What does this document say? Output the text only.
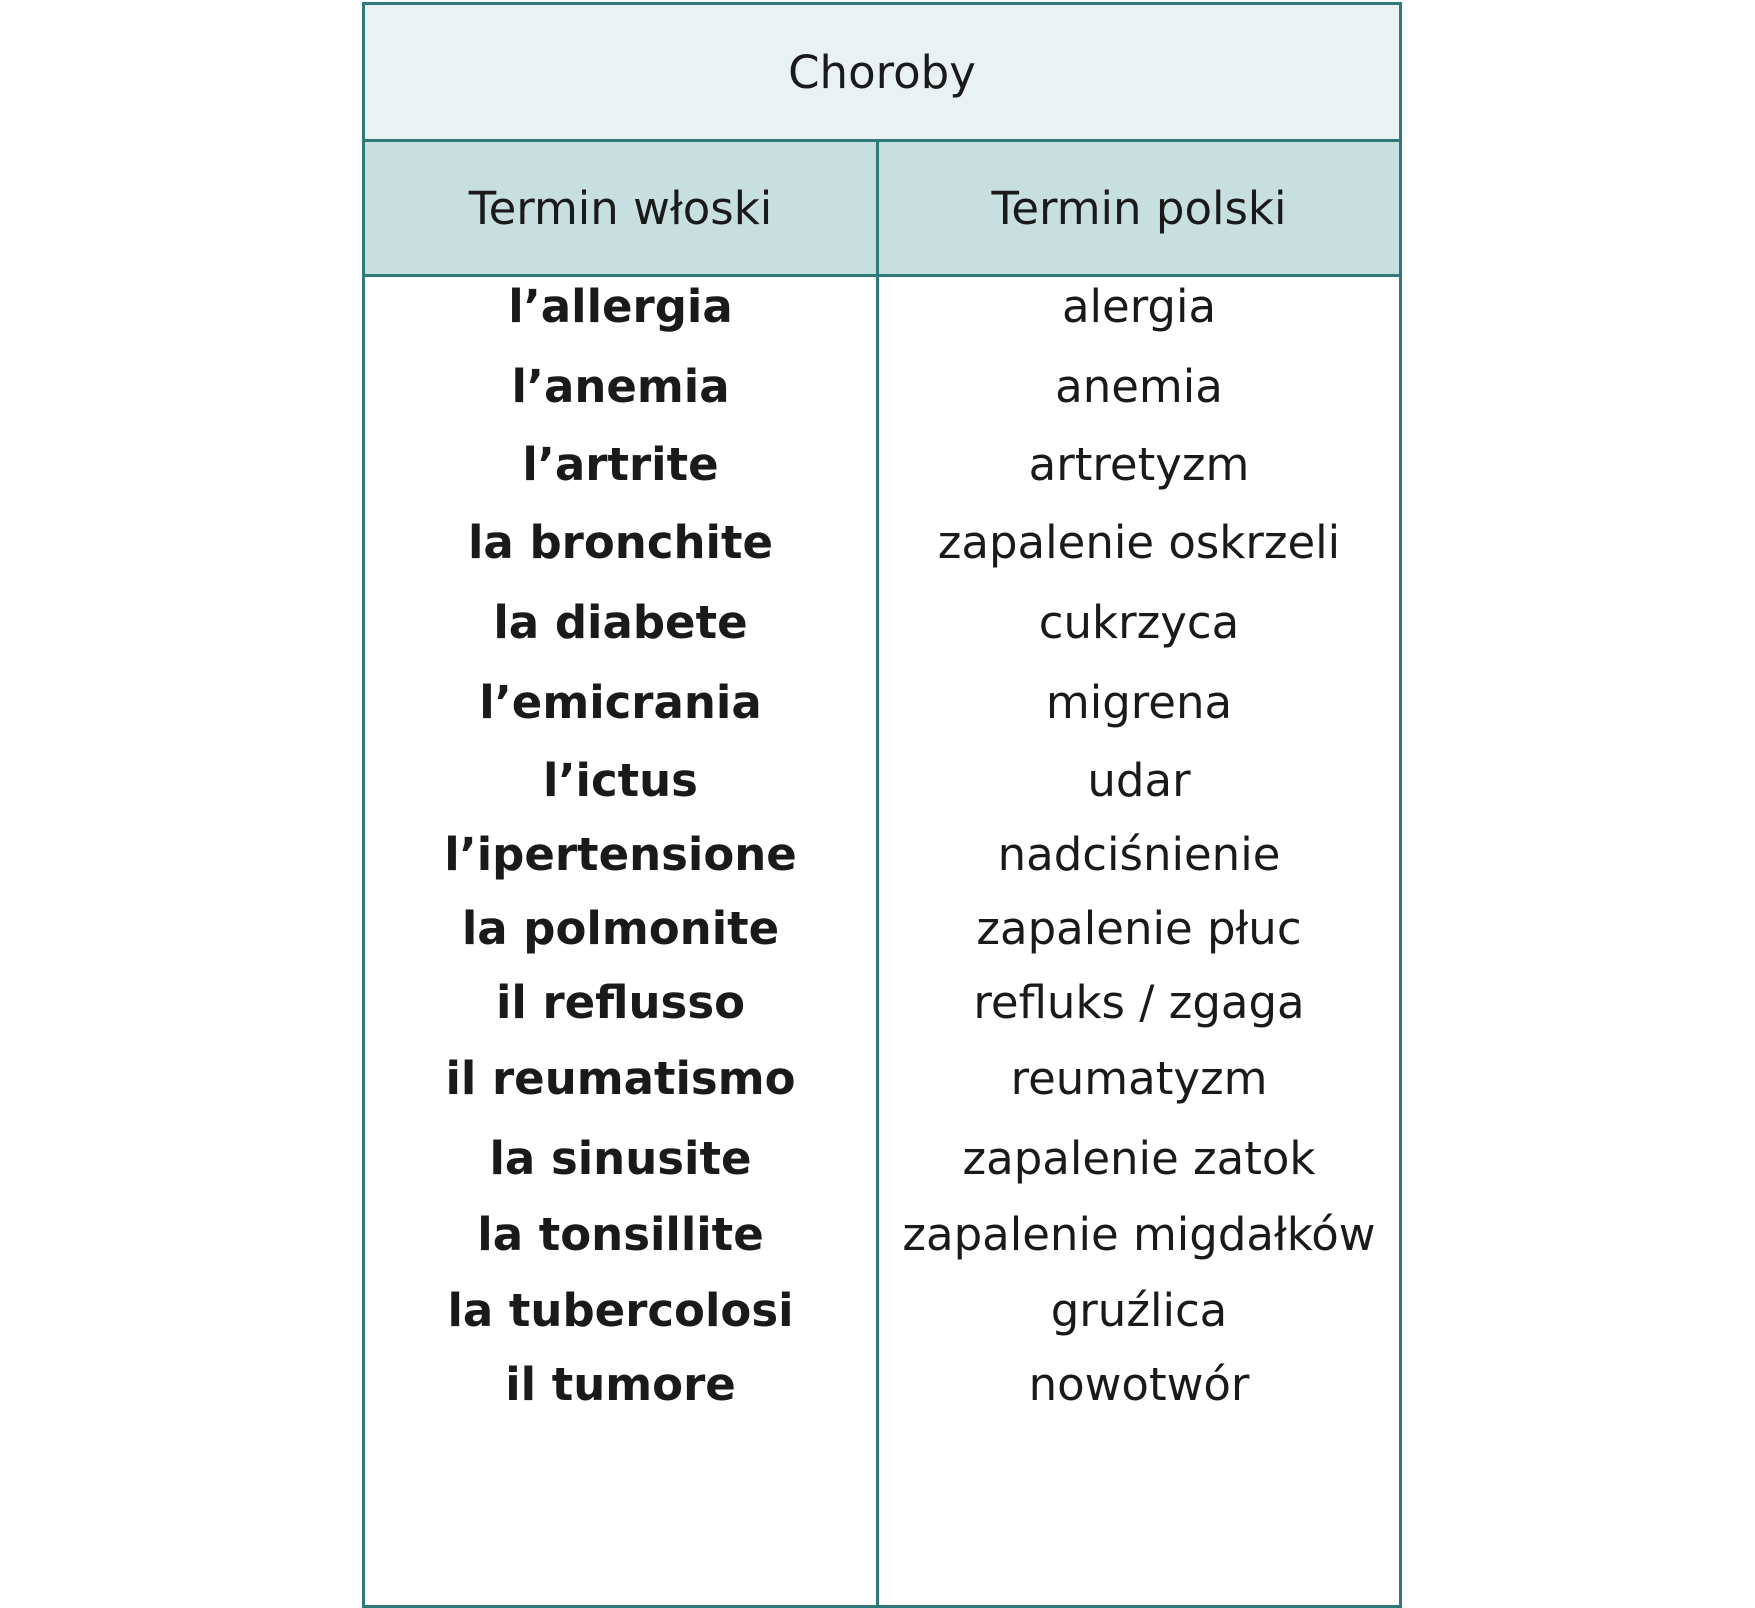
Choroby
Termin włoski	Termin polski
l’allergia
l’anemia
l’artrite
la bronchite
la diabete
l’emicrania
l’ictus
l’ipertensione
la polmonite
il reflusso
il reumatismo
la sinusite
la tonsillite
la tubercolosi
il tumore
alergia
anemia
artretyzm
zapalenie oskrzeli
cukrzyca
migrena
udar
nadciśnienie
zapalenie płuc
refluks / zgaga
reumatyzm
zapalenie zatok
zapalenie migdałków
gruźlica
nowotwór
